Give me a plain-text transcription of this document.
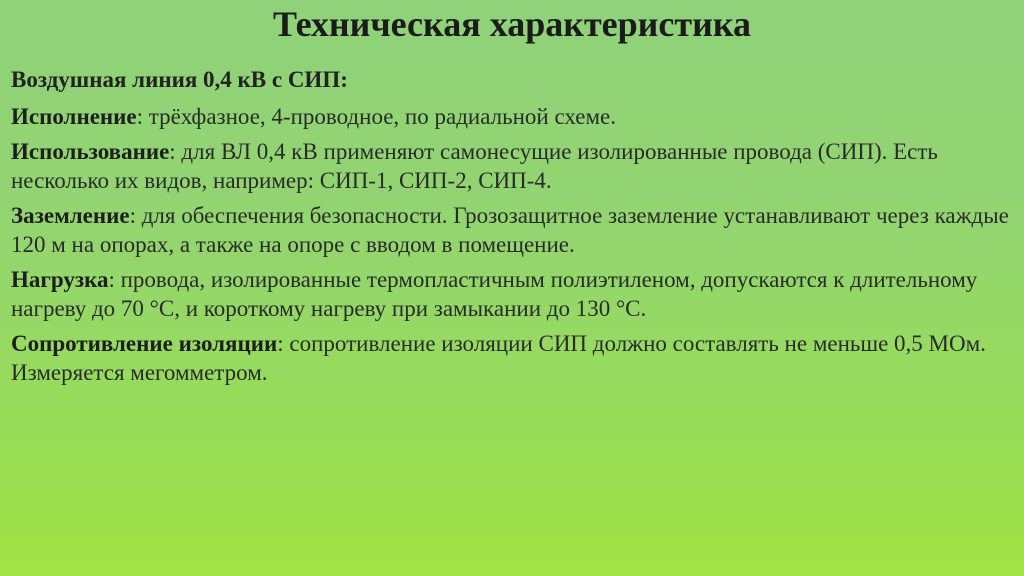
Техническая характеристика
Воздушная линия 0,4 кВ с СИП:
Исполнение: трёхфазное, 4-проводное, по радиальной схеме.
Использование: для ВЛ 0,4 кВ применяют самонесущие изолированные провода (СИП). Есть несколько их видов, например: СИП-1, СИП-2, СИП-4.
Заземление: для обеспечения безопасности. Грозозащитное заземление устанавливают через каждые 120 м на опорах, а также на опоре с вводом в помещение.
Нагрузка: провода, изолированные термопластичным полиэтиленом, допускаются к длительному нагреву до 70 °С, и короткому нагреву при замыкании до 130 °С.
Сопротивление изоляции: сопротивление изоляции СИП должно составлять не меньше 0,5 МОм. Измеряется мегомметром.
